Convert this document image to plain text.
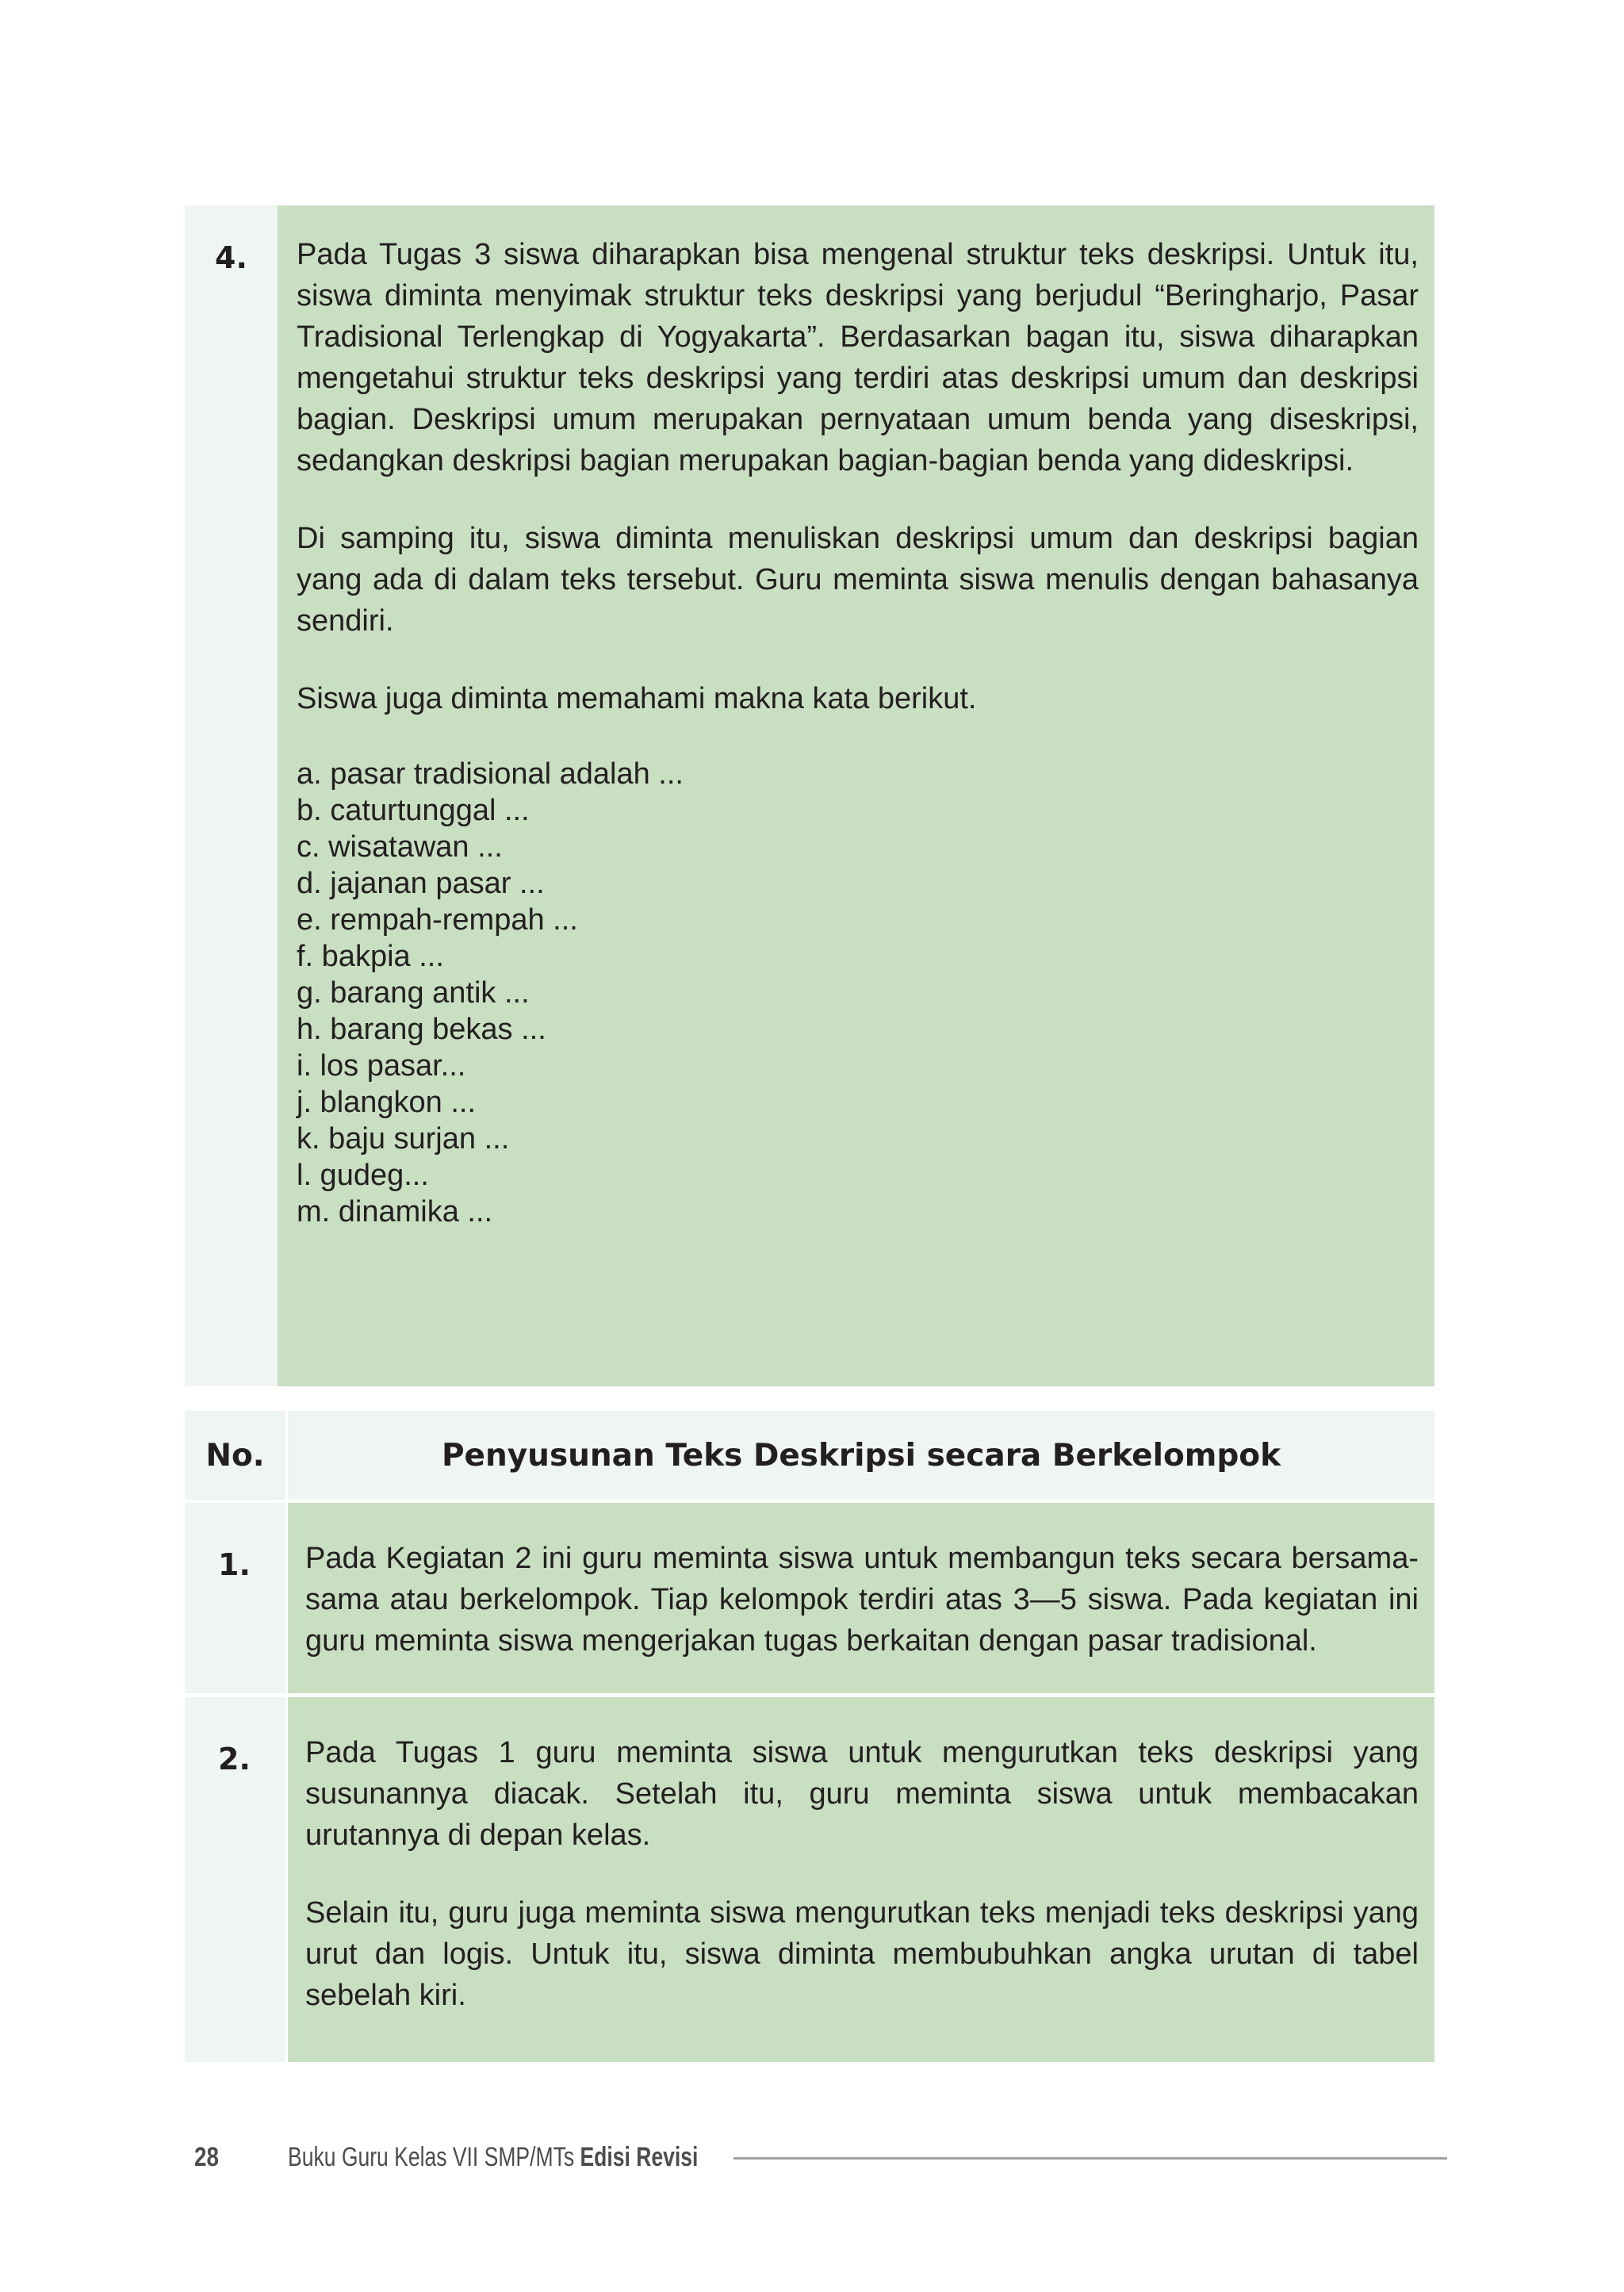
4.	Pada Tugas 3 siswa diharapkan bisa mengenal struktur teks deskripsi. Untuk itu, siswa diminta menyimak struktur teks deskripsi yang berjudul “Beringharjo, Pasar Tradisional Terlengkap di Yogyakarta”. Berdasarkan bagan itu, siswa diharapkan mengetahui struktur teks deskripsi yang terdiri atas deskripsi umum dan deskripsi bagian. Deskripsi umum merupakan pernyataan umum benda yang diseskripsi, sedangkan deskripsi bagian merupakan bagian-bagian benda yang dideskripsi.

Di samping itu, siswa diminta menuliskan deskripsi umum dan deskripsi bagian yang ada di dalam teks tersebut. Guru meminta siswa menulis dengan bahasanya sendiri.

Siswa juga diminta memahami makna kata berikut.

a. pasar tradisional adalah ...
b. caturtunggal ...
c. wisatawan ...
d. jajanan pasar ...
e. rempah-rempah ...
f. bakpia ...
g. barang antik ...
h. barang bekas ...
i. los pasar...
j. blangkon ...
k. baju surjan ...
l. gudeg...
m. dinamika ...
No.	Penyusunan Teks Deskripsi secara Berkelompok
1.	Pada Kegiatan 2 ini guru meminta siswa untuk membangun teks secara bersama-sama atau berkelompok. Tiap kelompok terdiri atas 3—5 siswa. Pada kegiatan ini guru meminta siswa mengerjakan tugas berkaitan dengan pasar tradisional.

2.	Pada Tugas 1 guru meminta siswa untuk mengurutkan teks deskripsi yang susunannya diacak. Setelah itu, guru meminta siswa untuk membacakan urutannya di depan kelas.

Selain itu, guru juga meminta siswa mengurutkan teks menjadi teks deskripsi yang urut dan logis. Untuk itu, siswa diminta membubuhkan angka urutan di tabel sebelah kiri.

28	Buku Guru Kelas VII SMP/MTs Edisi Revisi
